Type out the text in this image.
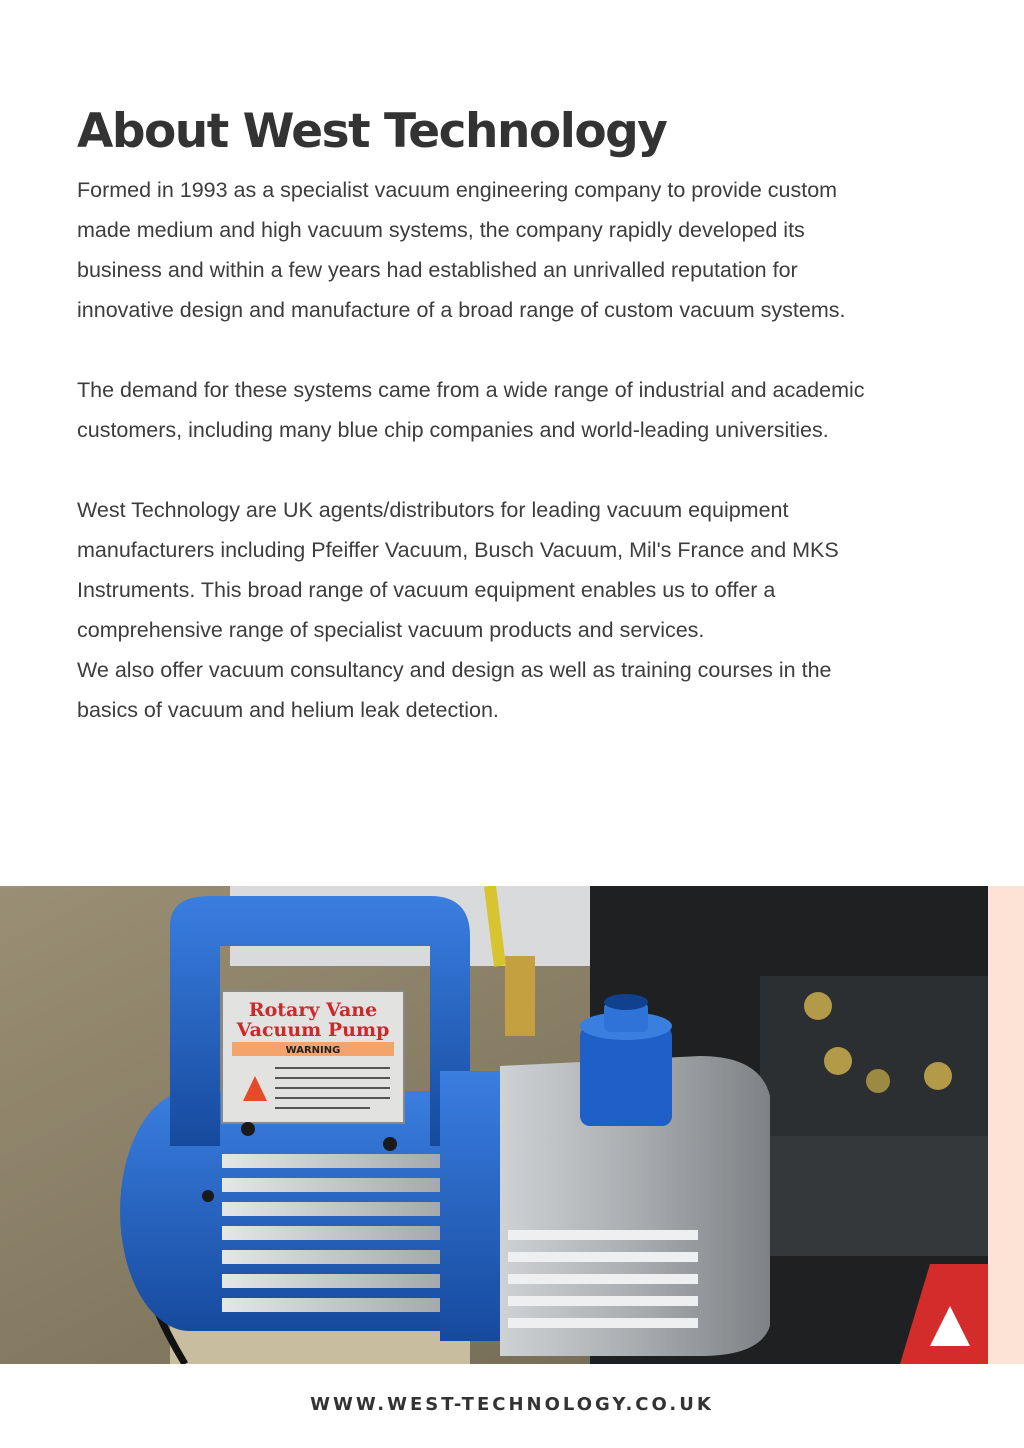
About West Technology

Formed in 1993 as a specialist vacuum engineering company to provide custom made medium and high vacuum systems, the company rapidly developed its business and within a few years had established an unrivalled reputation for innovative design and manufacture of a broad range of custom vacuum systems.

The demand for these systems came from a wide range of industrial and academic customers, including many blue chip companies and world-leading universities.

West Technology are UK agents/distributors for leading vacuum equipment manufacturers including Pfeiffer Vacuum, Busch Vacuum, Mil's France and MKS Instruments. This broad range of vacuum equipment enables us to offer a comprehensive range of specialist vacuum products and services.

We also offer vacuum consultancy and design as well as training courses in the basics of vacuum and helium leak detection.

Rotary Vane
Vacuum Pump
WARNING
WWW.WEST-TECHNOLOGY.CO.UK
